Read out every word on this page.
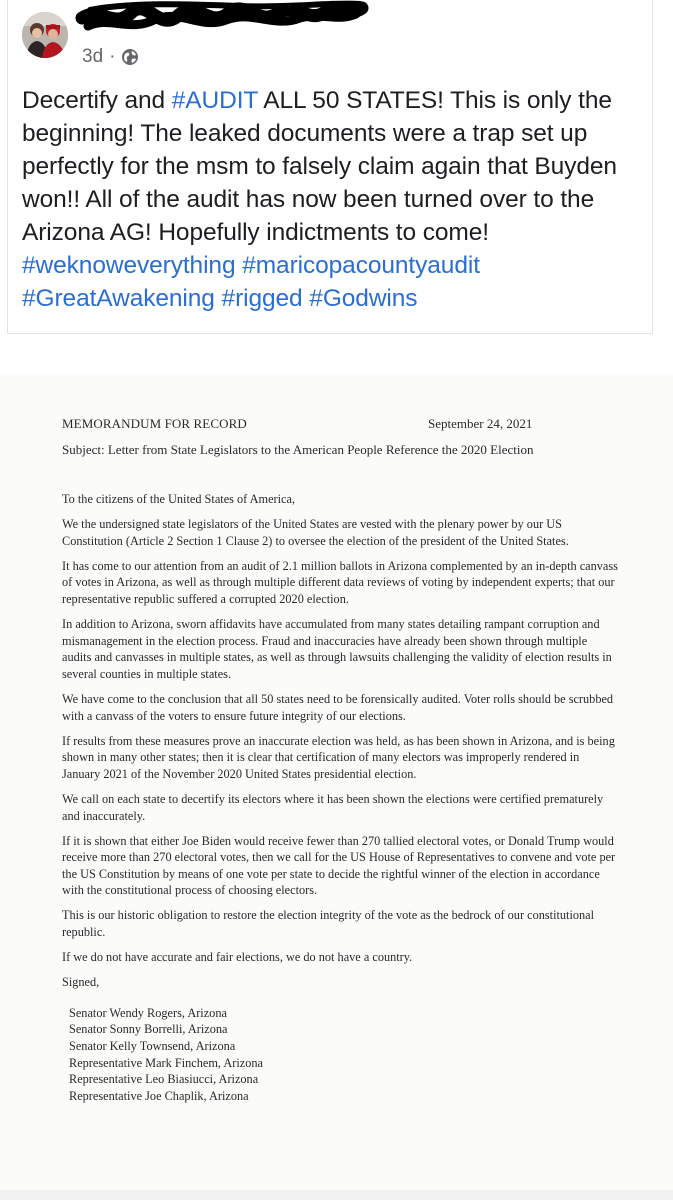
3d ·

Decertify and #AUDIT ALL 50 STATES! This is only the beginning! The leaked documents were a trap set up perfectly for the msm to falsely claim again that Buyden won!! All of the audit has now been turned over to the Arizona AG! Hopefully indictments to come! #weknoweverything #maricopacountyaudit #GreatAwakening #rigged #Godwins

MEMORANDUM FOR RECORD	September 24, 2021
Subject: Letter from State Legislators to the American People Reference the 2020 Election

To the citizens of the United States of America,

We the undersigned state legislators of the United States are vested with the plenary power by our US Constitution (Article 2 Section 1 Clause 2) to oversee the election of the president of the United States.

It has come to our attention from an audit of 2.1 million ballots in Arizona complemented by an in-depth canvass of votes in Arizona, as well as through multiple different data reviews of voting by independent experts; that our representative republic suffered a corrupted 2020 election.

In addition to Arizona, sworn affidavits have accumulated from many states detailing rampant corruption and mismanagement in the election process. Fraud and inaccuracies have already been shown through multiple audits and canvasses in multiple states, as well as through lawsuits challenging the validity of election results in several counties in multiple states.

We have come to the conclusion that all 50 states need to be forensically audited. Voter rolls should be scrubbed with a canvass of the voters to ensure future integrity of our elections.

If results from these measures prove an inaccurate election was held, as has been shown in Arizona, and is being shown in many other states; then it is clear that certification of many electors was improperly rendered in January 2021 of the November 2020 United States presidential election.

We call on each state to decertify its electors where it has been shown the elections were certified prematurely and inaccurately.

If it is shown that either Joe Biden would receive fewer than 270 tallied electoral votes, or Donald Trump would receive more than 270 electoral votes, then we call for the US House of Representatives to convene and vote per the US Constitution by means of one vote per state to decide the rightful winner of the election in accordance with the constitutional process of choosing electors.

This is our historic obligation to restore the election integrity of the vote as the bedrock of our constitutional republic.

If we do not have accurate and fair elections, we do not have a country.

Signed,

Senator Wendy Rogers, Arizona
Senator Sonny Borrelli, Arizona
Senator Kelly Townsend, Arizona
Representative Mark Finchem, Arizona
Representative Leo Biasiucci, Arizona
Representative Joe Chaplik, Arizona
